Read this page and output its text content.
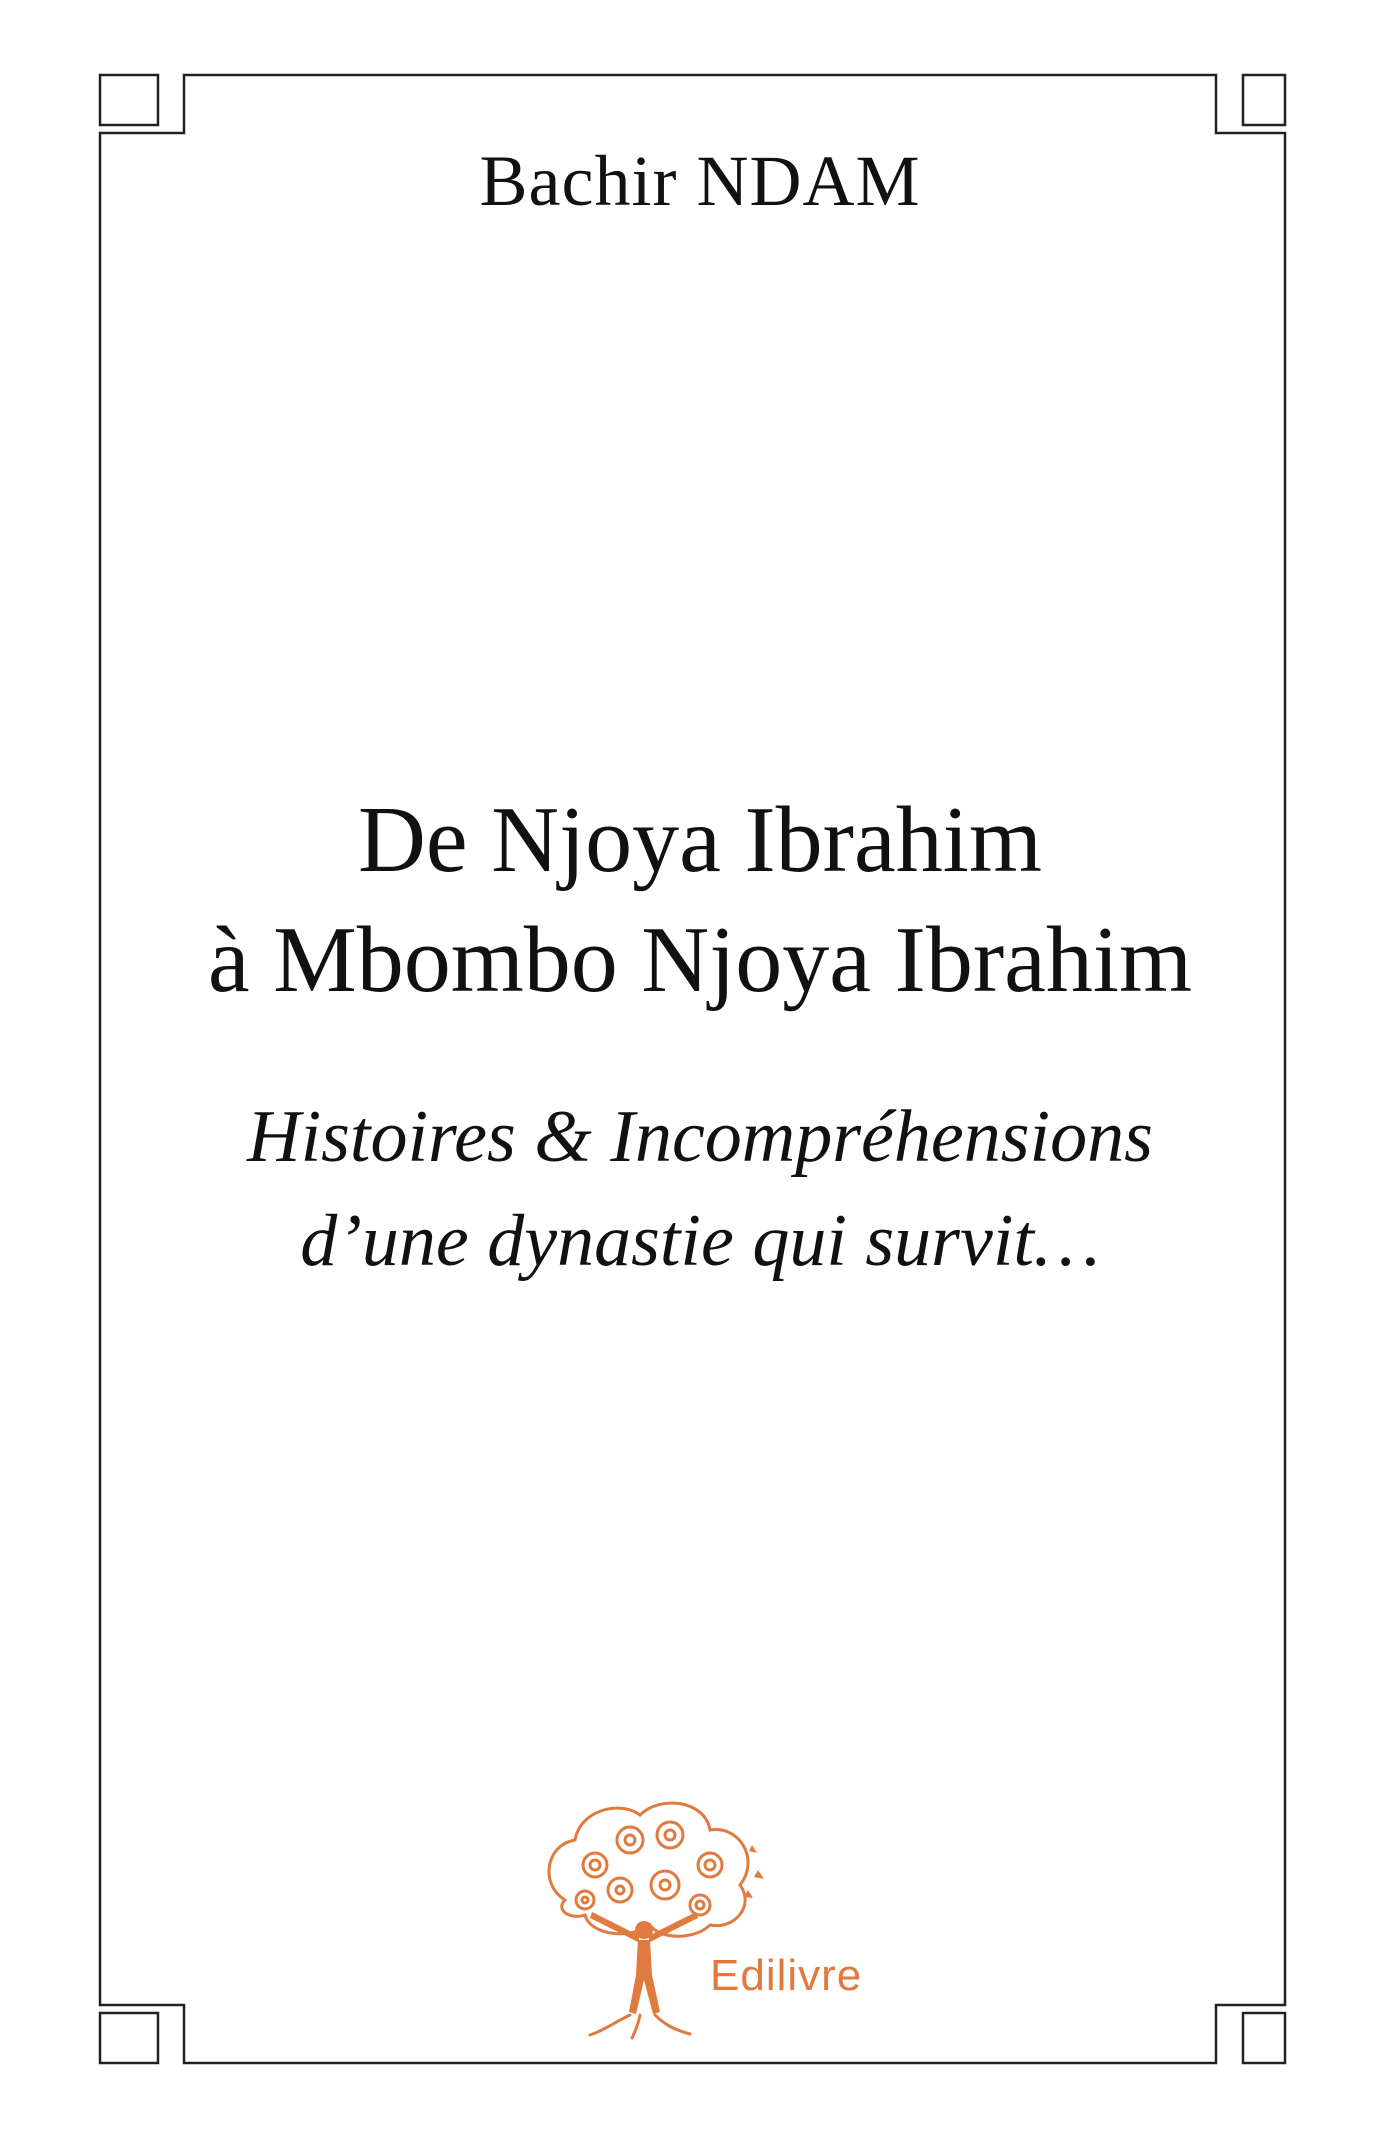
Bachir NDAM
De Njoya Ibrahim
à Mbombo Njoya Ibrahim
Histoires & Incompréhensions
d’une dynastie qui survit…
Edilivre
